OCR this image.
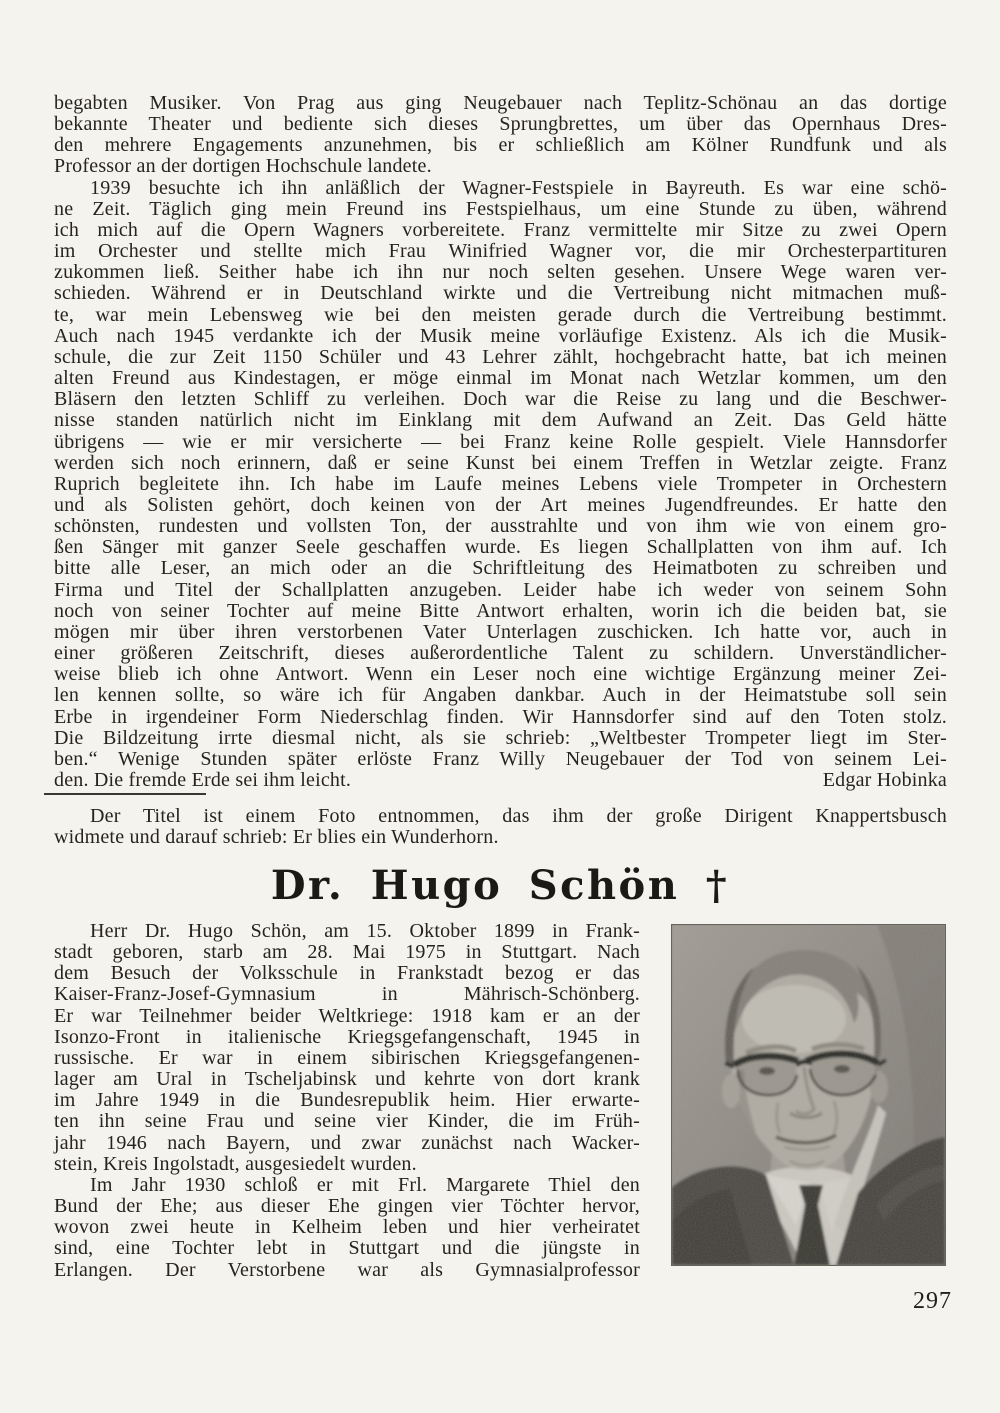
begabten Musiker. Von Prag aus ging Neugebauer nach Teplitz-Schönau an das dortige
bekannte Theater und bediente sich dieses Sprungbrettes, um über das Opernhaus Dres-
den mehrere Engagements anzunehmen, bis er schließlich am Kölner Rundfunk und als
Professor an der dortigen Hochschule landete.
1939 besuchte ich ihn anläßlich der Wagner-Festspiele in Bayreuth. Es war eine schö-
ne Zeit. Täglich ging mein Freund ins Festspielhaus, um eine Stunde zu üben, während
ich mich auf die Opern Wagners vorbereitete. Franz vermittelte mir Sitze zu zwei Opern
im Orchester und stellte mich Frau Winifried Wagner vor, die mir Orchesterpartituren
zukommen ließ. Seither habe ich ihn nur noch selten gesehen. Unsere Wege waren ver-
schieden. Während er in Deutschland wirkte und die Vertreibung nicht mitmachen muß-
te, war mein Lebensweg wie bei den meisten gerade durch die Vertreibung bestimmt.
Auch nach 1945 verdankte ich der Musik meine vorläufige Existenz. Als ich die Musik-
schule, die zur Zeit 1150 Schüler und 43 Lehrer zählt, hochgebracht hatte, bat ich meinen
alten Freund aus Kindestagen, er möge einmal im Monat nach Wetzlar kommen, um den
Bläsern den letzten Schliff zu verleihen. Doch war die Reise zu lang und die Beschwer-
nisse standen natürlich nicht im Einklang mit dem Aufwand an Zeit. Das Geld hätte
übrigens — wie er mir versicherte — bei Franz keine Rolle gespielt. Viele Hannsdorfer
werden sich noch erinnern, daß er seine Kunst bei einem Treffen in Wetzlar zeigte. Franz
Ruprich begleitete ihn. Ich habe im Laufe meines Lebens viele Trompeter in Orchestern
und als Solisten gehört, doch keinen von der Art meines Jugendfreundes. Er hatte den
schönsten, rundesten und vollsten Ton, der ausstrahlte und von ihm wie von einem gro-
ßen Sänger mit ganzer Seele geschaffen wurde. Es liegen Schallplatten von ihm auf. Ich
bitte alle Leser, an mich oder an die Schriftleitung des Heimatboten zu schreiben und
Firma und Titel der Schallplatten anzugeben. Leider habe ich weder von seinem Sohn
noch von seiner Tochter auf meine Bitte Antwort erhalten, worin ich die beiden bat, sie
mögen mir über ihren verstorbenen Vater Unterlagen zuschicken. Ich hatte vor, auch in
einer größeren Zeitschrift, dieses außerordentliche Talent zu schildern. Unverständlicher-
weise blieb ich ohne Antwort. Wenn ein Leser noch eine wichtige Ergänzung meiner Zei-
len kennen sollte, so wäre ich für Angaben dankbar. Auch in der Heimatstube soll sein
Erbe in irgendeiner Form Niederschlag finden. Wir Hannsdorfer sind auf den Toten stolz.
Die Bildzeitung irrte diesmal nicht, als sie schrieb: „Weltbester Trompeter liegt im Ster-
ben.“ Wenige Stunden später erlöste Franz Willy Neugebauer der Tod von seinem Lei-
den. Die fremde Erde sei ihm leicht.	Edgar Hobinka
Der Titel ist einem Foto entnommen, das ihm der große Dirigent Knappertsbusch
widmete und darauf schrieb: Er blies ein Wunderhorn.
Dr. Hugo Schön †
Herr Dr. Hugo Schön, am 15. Oktober 1899 in Frank-
stadt geboren, starb am 28. Mai 1975 in Stuttgart. Nach
dem Besuch der Volksschule in Frankstadt bezog er das
Kaiser-Franz-Josef-Gymnasium in Mährisch-Schönberg.
Er war Teilnehmer beider Weltkriege: 1918 kam er an der
Isonzo-Front in italienische Kriegsgefangenschaft, 1945 in
russische. Er war in einem sibirischen Kriegsgefangenen-
lager am Ural in Tscheljabinsk und kehrte von dort krank
im Jahre 1949 in die Bundesrepublik heim. Hier erwarte-
ten ihn seine Frau und seine vier Kinder, die im Früh-
jahr 1946 nach Bayern, und zwar zunächst nach Wacker-
stein, Kreis Ingolstadt, ausgesiedelt wurden.
Im Jahr 1930 schloß er mit Frl. Margarete Thiel den
Bund der Ehe; aus dieser Ehe gingen vier Töchter hervor,
wovon zwei heute in Kelheim leben und hier verheiratet
sind, eine Tochter lebt in Stuttgart und die jüngste in
Erlangen. Der Verstorbene war als Gymnasialprofessor
297
